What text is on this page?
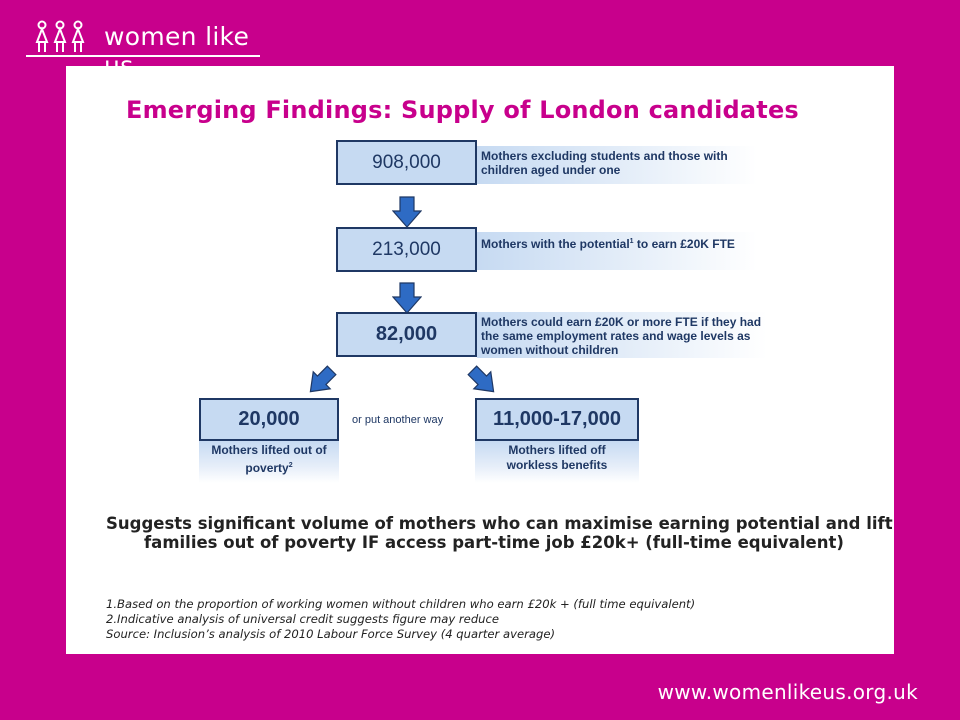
women like
Emerging Findings: Supply of London candidates
908,000	Mothers excluding students and those with children aged under one
213,000	Mothers with the potential$^1$ to earn £20K FTE
82,000
Mothers could earn £20K or more FTE if they had the same employment rates and wage levels as women without children
20,000
Mothers lifted out of poverty$^2$
or put another way	11,000-17,000
Mothers lifted off workless benefits
Suggests significant volume of mothers who can maximise earning potential and lift families out of poverty IF access part-time job £20k+ (full-time equivalent)
1.Based on the proportion of working women without children who earn £20k + (full time equivalent)
2.Indicative analysis of universal credit suggests figure may reduce
Source: Inclusion’s analysis of 2010 Labour Force Survey (4 quarter average)
www.womenlikeus.org.uk
